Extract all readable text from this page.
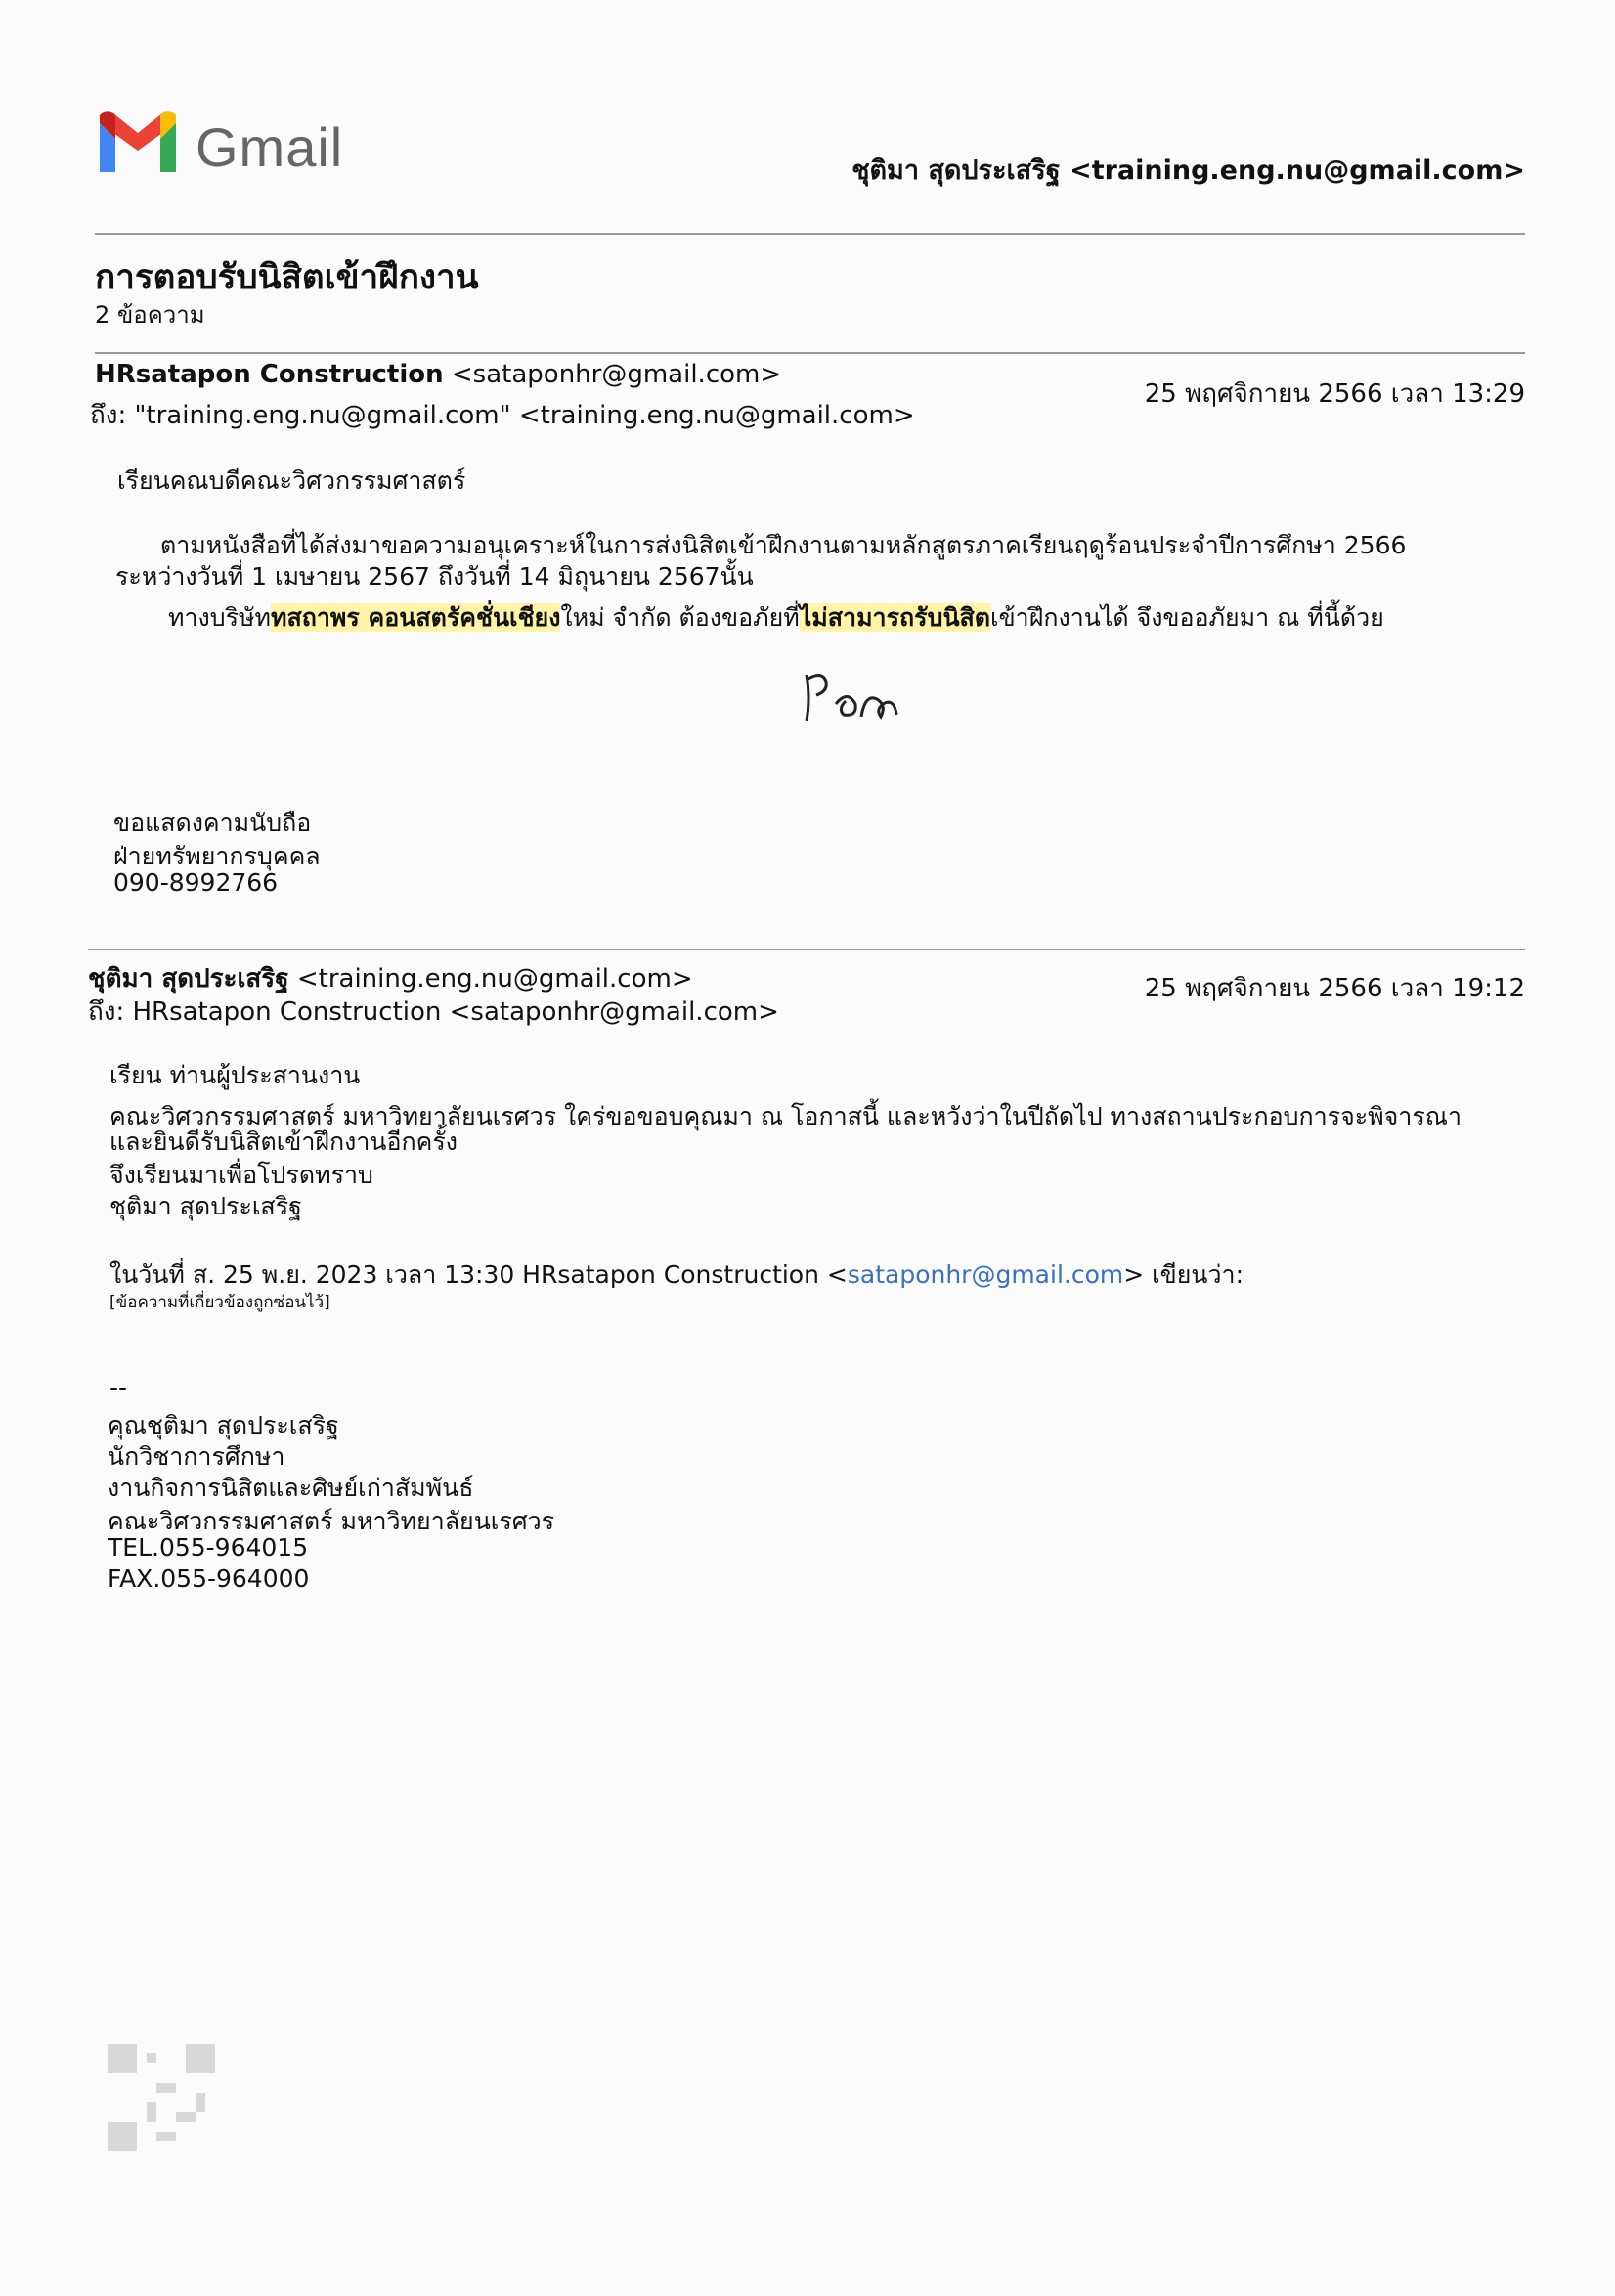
Gmail	ชุติมา สุดประเสริฐ <training.eng.nu@gmail.com>
การตอบรับนิสิตเข้าฝึกงาน
2 ข้อความ
HRsatapon Construction <sataponhr@gmail.com>
ถึง: "training.eng.nu@gmail.com" <training.eng.nu@gmail.com>
25 พฤศจิกายน 2566 เวลา 13:29
เรียนคณบดีคณะวิศวกรรมศาสตร์
ตามหนังสือที่ได้ส่งมาขอความอนุเคราะห์ในการส่งนิสิตเข้าฝึกงานตามหลักสูตรภาคเรียนฤดูร้อนประจำปีการศึกษา 2566
ระหว่างวันที่ 1 เมษายน 2567 ถึงวันที่ 14 มิถุนายน 2567นั้น
ทางบริษัททสถาพร คอนสตรัคชั่นเชียงใหม่ จำกัด ต้องขอภัยที่ไม่สามารถรับนิสิตเข้าฝึกงานได้ จึงขออภัยมา ณ ที่นี้ด้วย
ขอแสดงคามนับถือ
ฝ่ายทรัพยากรบุคคล
090-8992766
ชุติมา สุดประเสริฐ <training.eng.nu@gmail.com>
ถึง: HRsatapon Construction <sataponhr@gmail.com>
25 พฤศจิกายน 2566 เวลา 19:12
เรียน ท่านผู้ประสานงาน
คณะวิศวกรรมศาสตร์ มหาวิทยาลัยนเรศวร ใคร่ขอขอบคุณมา ณ โอกาสนี้ และหวังว่าในปีถัดไป ทางสถานประกอบการจะพิจารณา
และยินดีรับนิสิตเข้าฝึกงานอีกครั้ง
จึงเรียนมาเพื่อโปรดทราบ
ชุติมา สุดประเสริฐ
ในวันที่ ส. 25 พ.ย. 2023 เวลา 13:30 HRsatapon Construction <sataponhr@gmail.com> เขียนว่า:
[ข้อความที่เกี่ยวข้องถูกซ่อนไว้]
--
คุณชุติมา สุดประเสริฐ
นักวิชาการศึกษา
งานกิจการนิสิตและศิษย์เก่าสัมพันธ์
คณะวิศวกรรมศาสตร์ มหาวิทยาลัยนเรศวร
TEL.055-964015
FAX.055-964000
